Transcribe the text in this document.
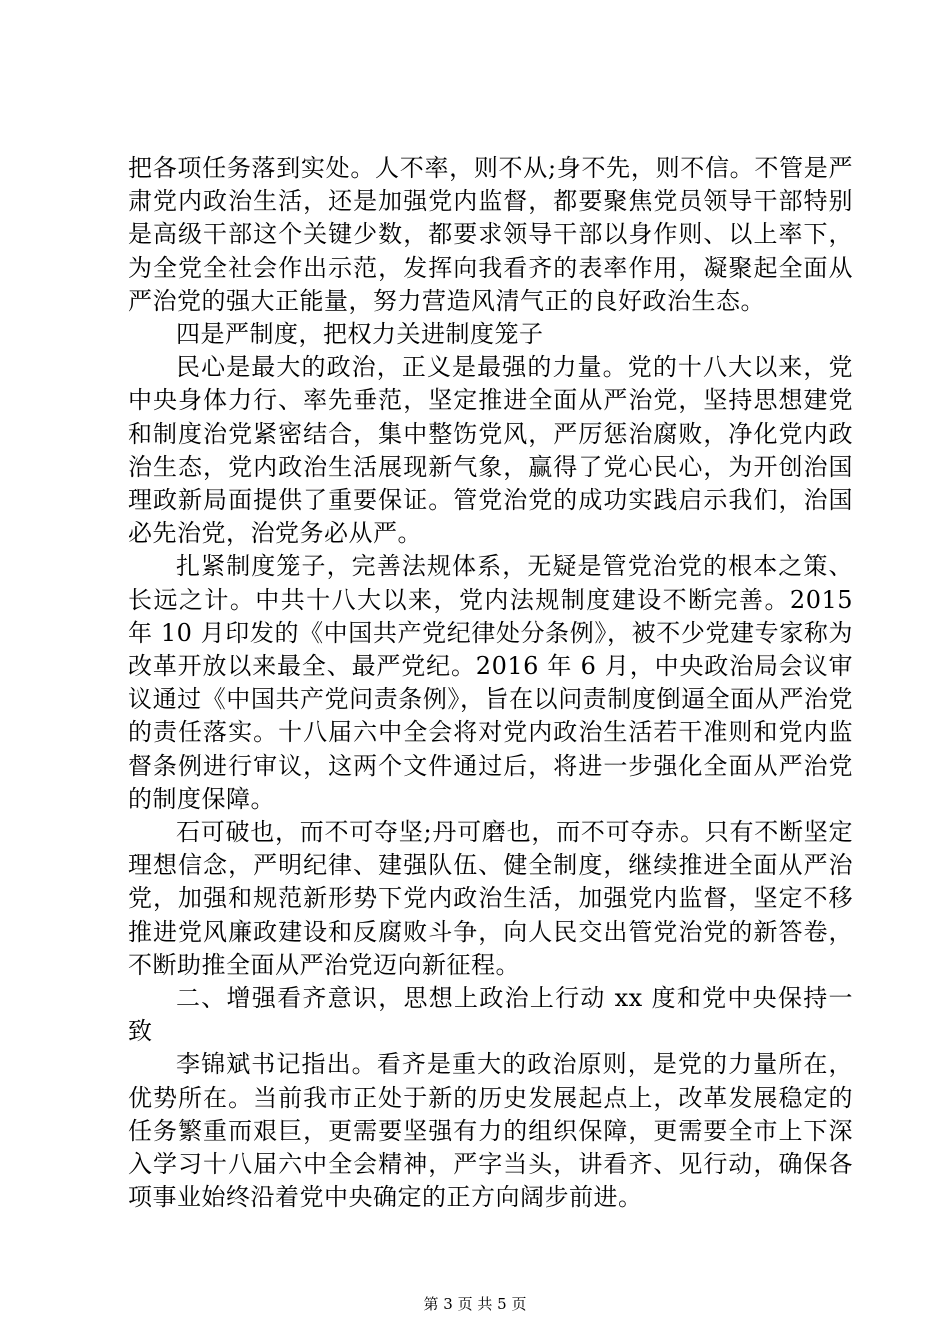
把各项任务落到实处。人不率，则不从;身不先，则不信。不管是严肃党内政治生活，还是加强党内监督，都要聚焦党员领导干部特别是高级干部这个关键少数，都要求领导干部以身作则、以上率下，为全党全社会作出示范，发挥向我看齐的表率作用，凝聚起全面从严治党的强大正能量，努力营造风清气正的良好政治生态。

四是严制度，把权力关进制度笼子

民心是最大的政治，正义是最强的力量。党的十八大以来，党中央身体力行、率先垂范，坚定推进全面从严治党，坚持思想建党和制度治党紧密结合，集中整饬党风，严厉惩治腐败，净化党内政治生态，党内政治生活展现新气象，赢得了党心民心，为开创治国理政新局面提供了重要保证。管党治党的成功实践启示我们，治国必先治党，治党务必从严。

扎紧制度笼子，完善法规体系，无疑是管党治党的根本之策、长远之计。中共十八大以来，党内法规制度建设不断完善。2015 年 10 月印发的《中国共产党纪律处分条例》，被不少党建专家称为改革开放以来最全、最严党纪。2016 年 6 月，中央政治局会议审议通过《中国共产党问责条例》，旨在以问责制度倒逼全面从严治党的责任落实。十八届六中全会将对党内政治生活若干准则和党内监督条例进行审议，这两个文件通过后，将进一步强化全面从严治党的制度保障。

石可破也，而不可夺坚;丹可磨也，而不可夺赤。只有不断坚定理想信念，严明纪律、建强队伍、健全制度，继续推进全面从严治党，加强和规范新形势下党内政治生活，加强党内监督，坚定不移推进党风廉政建设和反腐败斗争，向人民交出管党治党的新答卷，不断助推全面从严治党迈向新征程。

二、增强看齐意识，思想上政治上行动 xx 度和党中央保持一致

李锦斌书记指出。看齐是重大的政治原则，是党的力量所在，优势所在。当前我市正处于新的历史发展起点上，改革发展稳定的任务繁重而艰巨，更需要坚强有力的组织保障，更需要全市上下深入学习十八届六中全会精神，严字当头，讲看齐、见行动，确保各项事业始终沿着党中央确定的正方向阔步前进。

第 3 页 共 5 页
